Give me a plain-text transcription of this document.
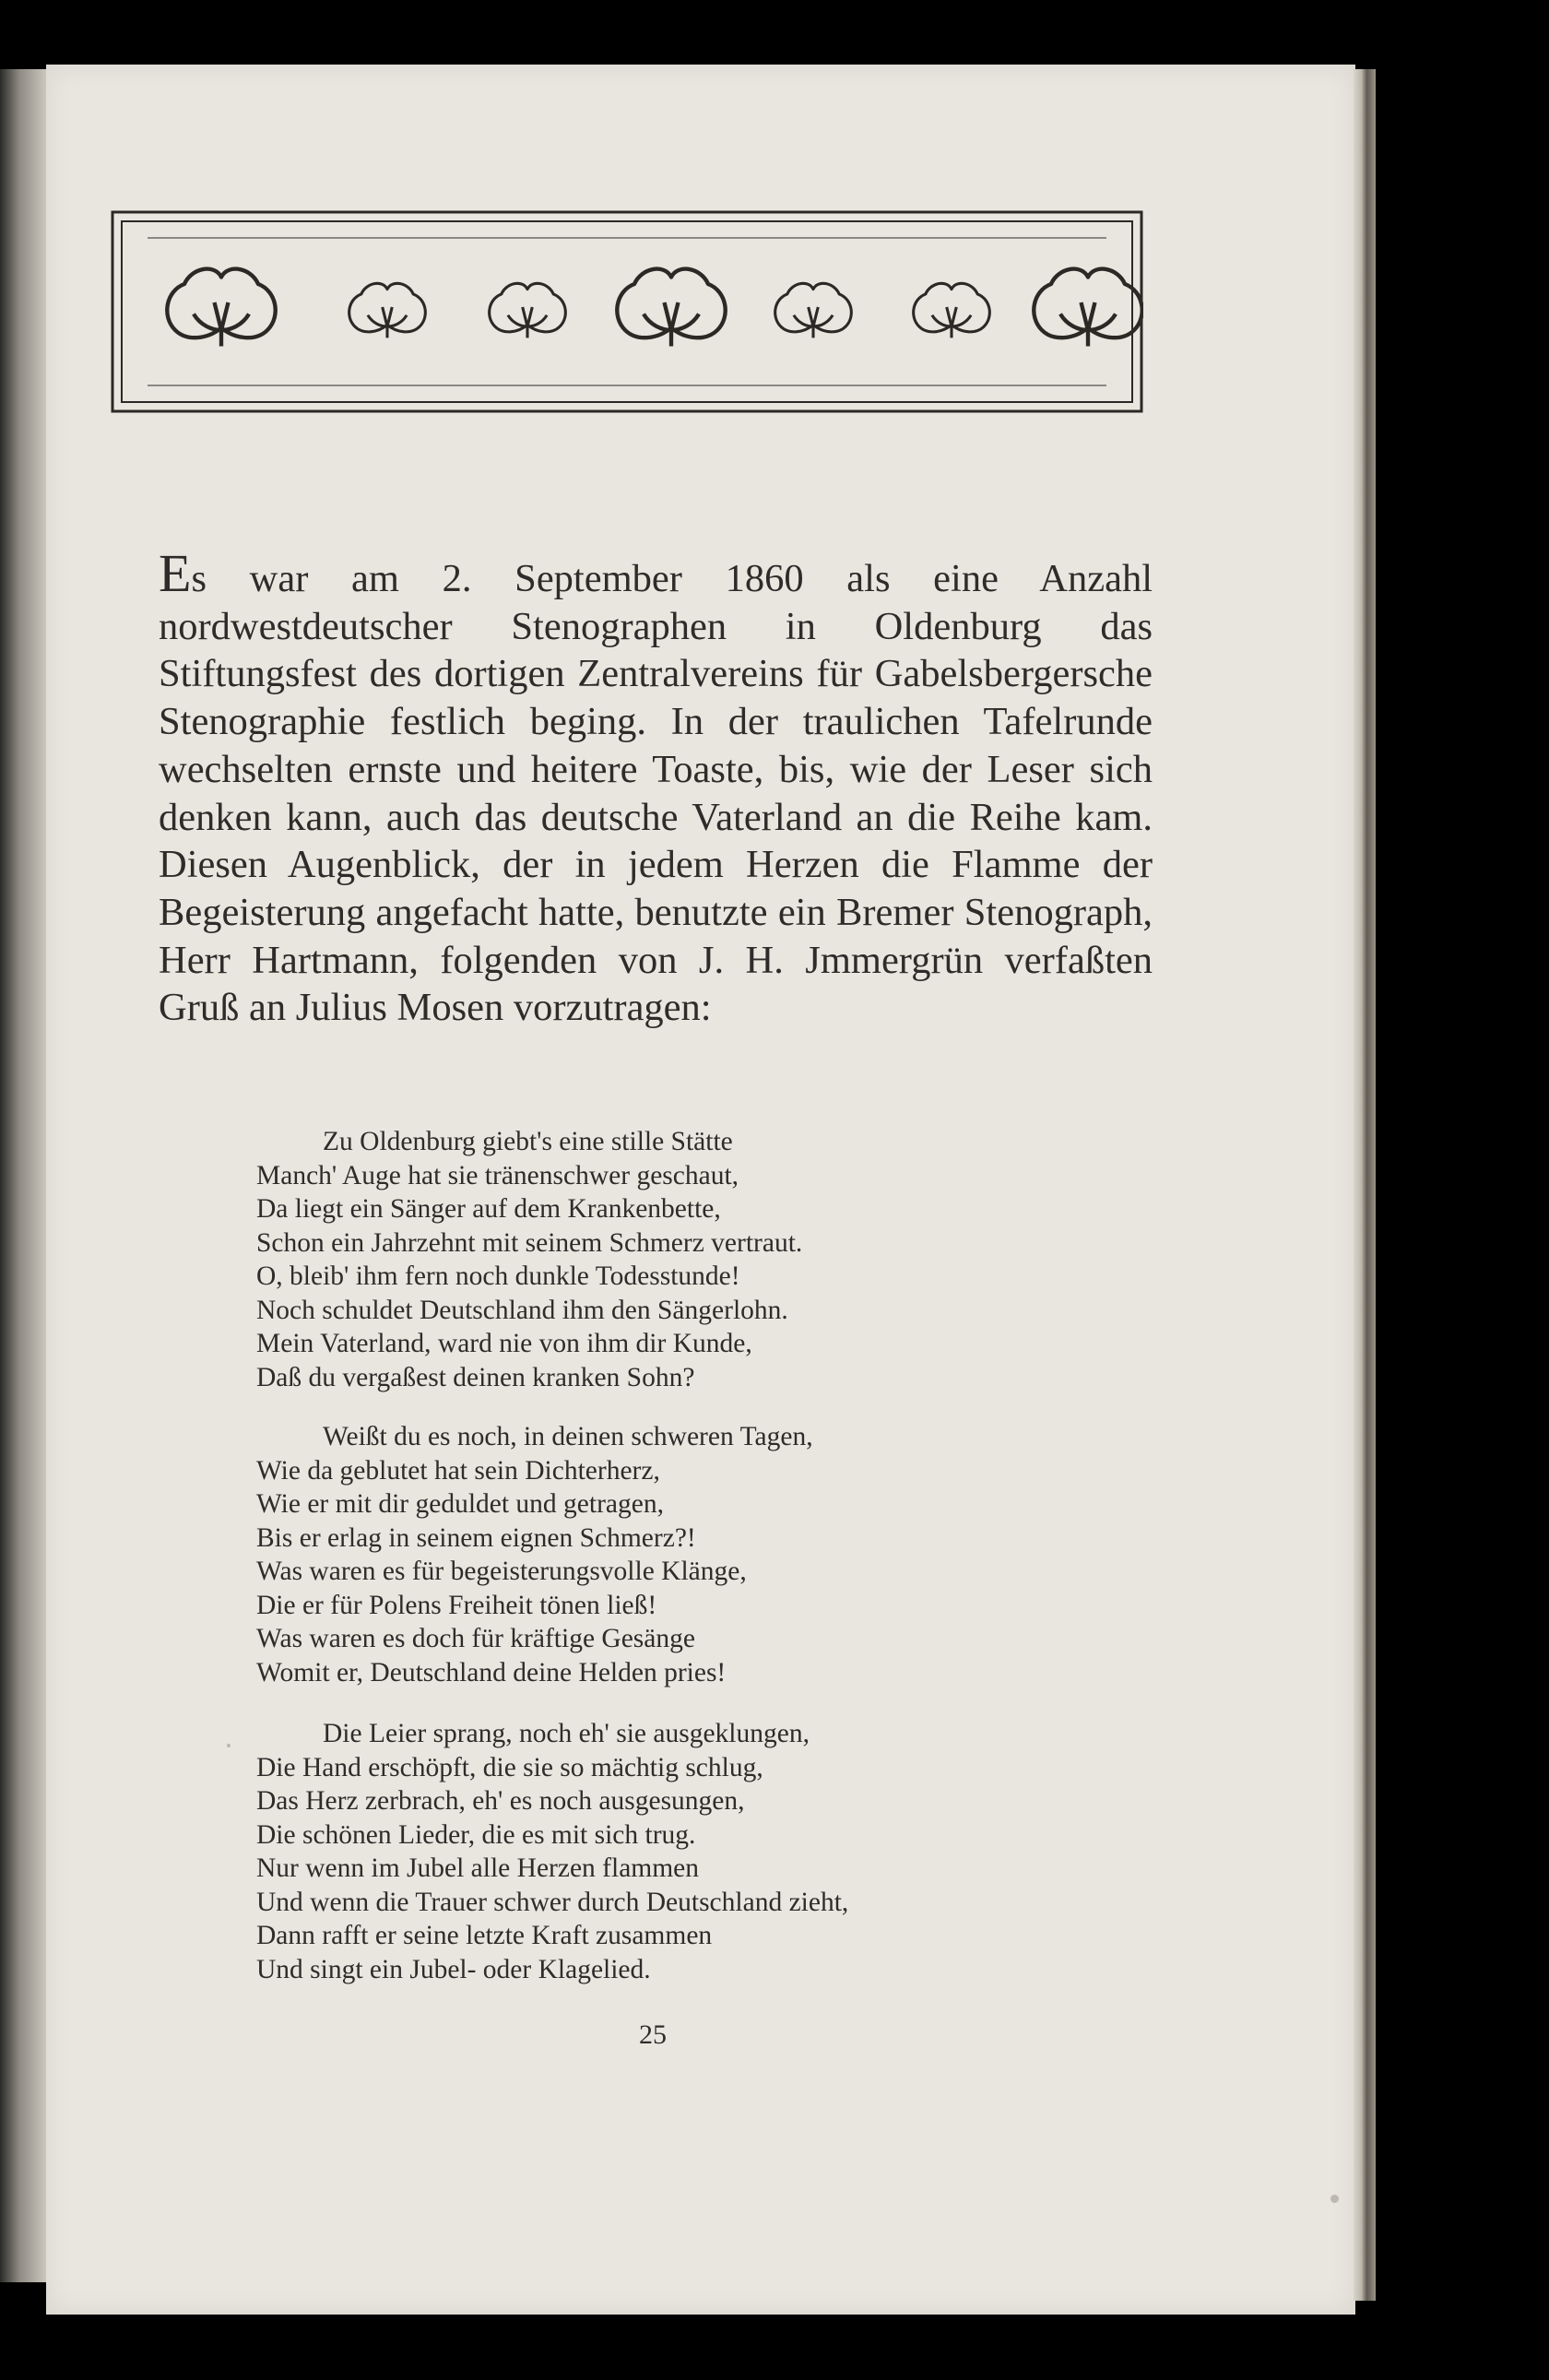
Es war am 2. September 1860 als eine Anzahl nordwestdeutscher Stenographen in Oldenburg das Stiftungsfest des dortigen Zentralvereins für Gabelsbergersche Stenographie festlich beging. In der traulichen Tafelrunde wechselten ernste und heitere Toaste, bis, wie der Leser sich denken kann, auch das deutsche Vaterland an die Reihe kam. Diesen Augenblick, der in jedem Herzen die Flamme der Begeisterung angefacht hatte, benutzte ein Bremer Stenograph, Herr Hartmann, folgenden von J. H. Jmmergrün verfaßten Gruß an Julius Mosen vorzutragen:

Zu Oldenburg giebt's eine stille Stätte
Manch' Auge hat sie tränenschwer geschaut,
Da liegt ein Sänger auf dem Krankenbette,
Schon ein Jahrzehnt mit seinem Schmerz vertraut.
O, bleib' ihm fern noch dunkle Todesstunde!
Noch schuldet Deutschland ihm den Sängerlohn.
Mein Vaterland, ward nie von ihm dir Kunde,
Daß du vergaßest deinen kranken Sohn?
Weißt du es noch, in deinen schweren Tagen,
Wie da geblutet hat sein Dichterherz,
Wie er mit dir geduldet und getragen,
Bis er erlag in seinem eignen Schmerz?!
Was waren es für begeisterungsvolle Klänge,
Die er für Polens Freiheit tönen ließ!
Was waren es doch für kräftige Gesänge
Womit er, Deutschland deine Helden pries!
Die Leier sprang, noch eh' sie ausgeklungen,
Die Hand erschöpft, die sie so mächtig schlug,
Das Herz zerbrach, eh' es noch ausgesungen,
Die schönen Lieder, die es mit sich trug.
Nur wenn im Jubel alle Herzen flammen
Und wenn die Trauer schwer durch Deutschland zieht,
Dann rafft er seine letzte Kraft zusammen
Und singt ein Jubel- oder Klagelied.
25
